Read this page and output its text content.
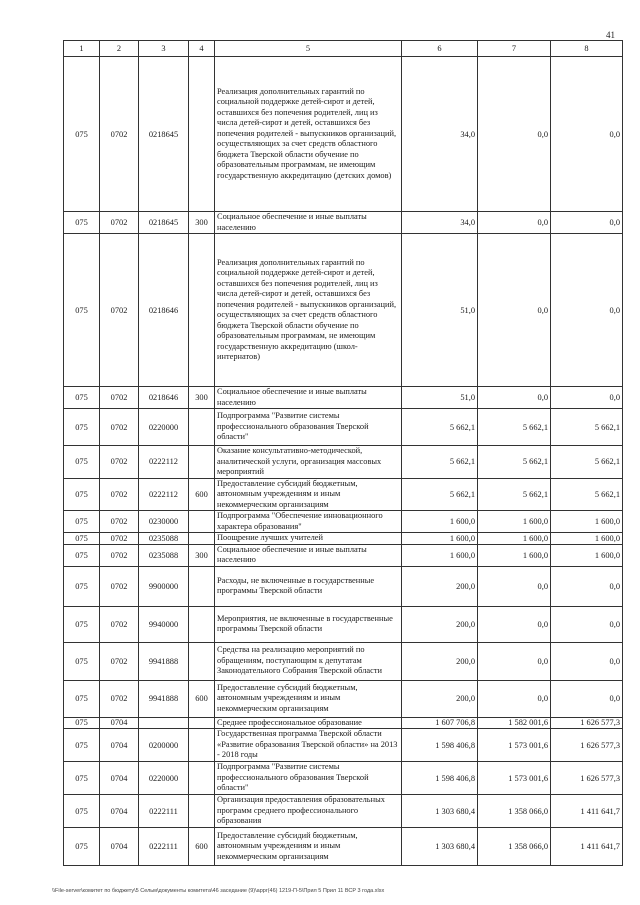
41
1	2	3	4	5	6	7	8
075	0702	0218645		Реализация дополнительных гарантий по социальной поддержке детей-сирот и детей, оставшихся без попечения родителей, лиц из числа детей-сирот и детей, оставшихся без попечения родителей - выпускников организаций, осуществляющих за счет средств областного бюджета Тверской области обучение по образовательным программам, не имеющим государственную аккредитацию (детских домов)	34,0	0,0	0,0
075	0702	0218645	300	Социальное обеспечение и иные выплаты населению	34,0	0,0	0,0
075	0702	0218646		Реализация дополнительных гарантий по социальной поддержке детей-сирот и детей, оставшихся без попечения родителей, лиц из числа детей-сирот и детей, оставшихся без попечения родителей - выпускников организаций, осуществляющих за счет средств областного бюджета Тверской области обучение по образовательным программам, не имеющим государственную аккредитацию (школ-интернатов)	51,0	0,0	0,0
075	0702	0218646	300	Социальное обеспечение и иные выплаты населению	51,0	0,0	0,0
075	0702	0220000		Подпрограмма "Развитие системы профессионального образования Тверской области"	5 662,1	5 662,1	5 662,1
075	0702	0222112		Оказание консультативно-методической, аналитической услуги, организация массовых мероприятий	5 662,1	5 662,1	5 662,1
075	0702	0222112	600	Предоставление субсидий бюджетным, автономным учреждениям и иным некоммерческим организациям	5 662,1	5 662,1	5 662,1
075	0702	0230000		Подпрограмма "Обеспечение инновационного характера образования"	1 600,0	1 600,0	1 600,0
075	0702	0235088		Поощрение лучших учителей	1 600,0	1 600,0	1 600,0
075	0702	0235088	300	Социальное обеспечение и иные выплаты населению	1 600,0	1 600,0	1 600,0
075	0702	9900000		Расходы, не включенные в государственные программы Тверской области	200,0	0,0	0,0
075	0702	9940000		Мероприятия, не включенные в государственные программы Тверской области	200,0	0,0	0,0
075	0702	9941888		Средства на реализацию мероприятий по обращениям, поступающим к депутатам Законодательного Собрания Тверской области	200,0	0,0	0,0
075	0702	9941888	600	Предоставление субсидий бюджетным, автономным учреждениям и иным некоммерческим организациям	200,0	0,0	0,0
075	0704			Среднее профессиональное образование	1 607 706,8	1 582 001,6	1 626 577,3
075	0704	0200000		Государственная программа Тверской области «Развитие образования Тверской области» на 2013 - 2018 годы	1 598 406,8	1 573 001,6	1 626 577,3
075	0704	0220000		Подпрограмма "Развитие системы профессионального образования Тверской области"	1 598 406,8	1 573 001,6	1 626 577,3
075	0704	0222111		Организация предоставления образовательных программ среднего профессионального образования	1 303 680,4	1 358 066,0	1 411 641,7
075	0704	0222111	600	Предоставление субсидий бюджетным, автономным учреждениям и иным некоммерческим организациям	1 303 680,4	1 358 066,0	1 411 641,7
\\File-server\комитет по бюджету\5 Сельм\документы комитета\46 заседание (9)\appr(46) 1219-П-5\Прил 5 Прил 11 ВСР 3 года.xlsx
